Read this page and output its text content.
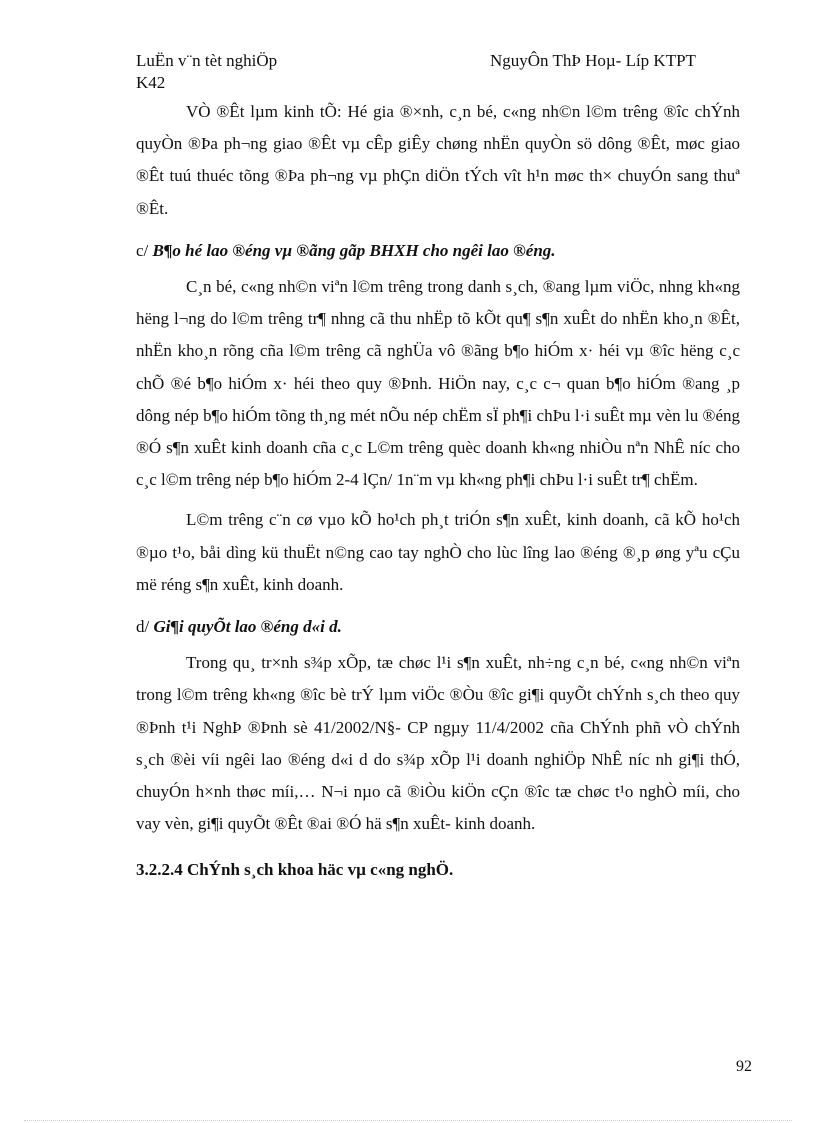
LuËn v¨n tèt nghiÖp
K42
NguyÔn ThÞ Hoµ- Líp KTPT

VÒ ®Êt lµm kinh tÕ: Hé gia ®×nh, c¸n bé, c«ng nh©n l©m trêng ®îc chÝnh quyÒn ®Þa ph¬ng giao ®Êt vµ cÊp giÊy chøng nhËn quyÒn sö dông ®Êt, møc giao ®Êt tuú thuéc tõng ®Þa ph¬ng vµ phÇn diÖn tÝch vît h¹n møc th× chuyÓn sang thuª ®Êt.

c/ B¶o hé lao ®éng vµ ®ãng gãp BHXH cho ngêi lao ®éng.

C¸n bé, c«ng nh©n viªn l©m trêng trong danh s¸ch, ®ang lµm viÖc, nhng kh«ng hëng l¬ng do l©m trêng tr¶ nhng cã thu nhËp tõ kÕt qu¶ s¶n xuÊt do nhËn kho¸n ®Êt, nhËn kho¸n rõng cña l©m trêng cã nghÜa vô ®ãng b¶o hiÓm x· héi vµ ®îc hëng c¸c chÕ ®é b¶o hiÓm x· héi theo quy ®Þnh. HiÖn nay, c¸c c¬ quan b¶o hiÓm ®ang ¸p dông nép b¶o hiÓm tõng th¸ng mét nÕu nép chËm sÏ ph¶i chÞu l·i suÊt mµ vèn lu ®éng ®Ó s¶n xuÊt kinh doanh cña c¸c L©m trêng quèc doanh kh«ng nhiÒu nªn NhÊ níc cho c¸c l©m trêng nép b¶o hiÓm 2-4 lÇn/ 1n¨m vµ kh«ng ph¶i chÞu l·i suÊt tr¶ chËm.

L©m trêng c¨n cø vµo kÕ ho¹ch ph¸t triÓn s¶n xuÊt, kinh doanh, cã kÕ ho¹ch ®µo t¹o, båi dìng kü thuËt n©ng cao tay nghÒ cho lùc lîng lao ®éng ®¸p øng yªu cÇu më réng s¶n xuÊt, kinh doanh.

d/ Gi¶i quyÕt lao ®éng d«i d.

Trong qu¸ tr×nh s¾p xÕp, tæ chøc l¹i s¶n xuÊt, nh÷ng c¸n bé, c«ng nh©n viªn trong l©m trêng kh«ng ®îc bè trÝ lµm viÖc ®Òu ®îc gi¶i quyÕt chÝnh s¸ch theo quy ®Þnh t¹i NghÞ ®Þnh sè 41/2002/N§- CP ngµy 11/4/2002 cña ChÝnh phñ vÒ chÝnh s¸ch ®èi víi ngêi lao ®éng d«i d do s¾p xÕp l¹i doanh nghiÖp NhÊ níc nh gi¶i thÓ, chuyÓn h×nh thøc míi,… N¬i nµo cã ®iÒu kiÖn cÇn ®îc tæ chøc t¹o nghÒ míi, cho vay vèn, gi¶i quyÕt ®Êt ®ai ®Ó hä s¶n xuÊt- kinh doanh.

3.2.2.4 ChÝnh s¸ch khoa häc vµ c«ng nghÖ.

92
